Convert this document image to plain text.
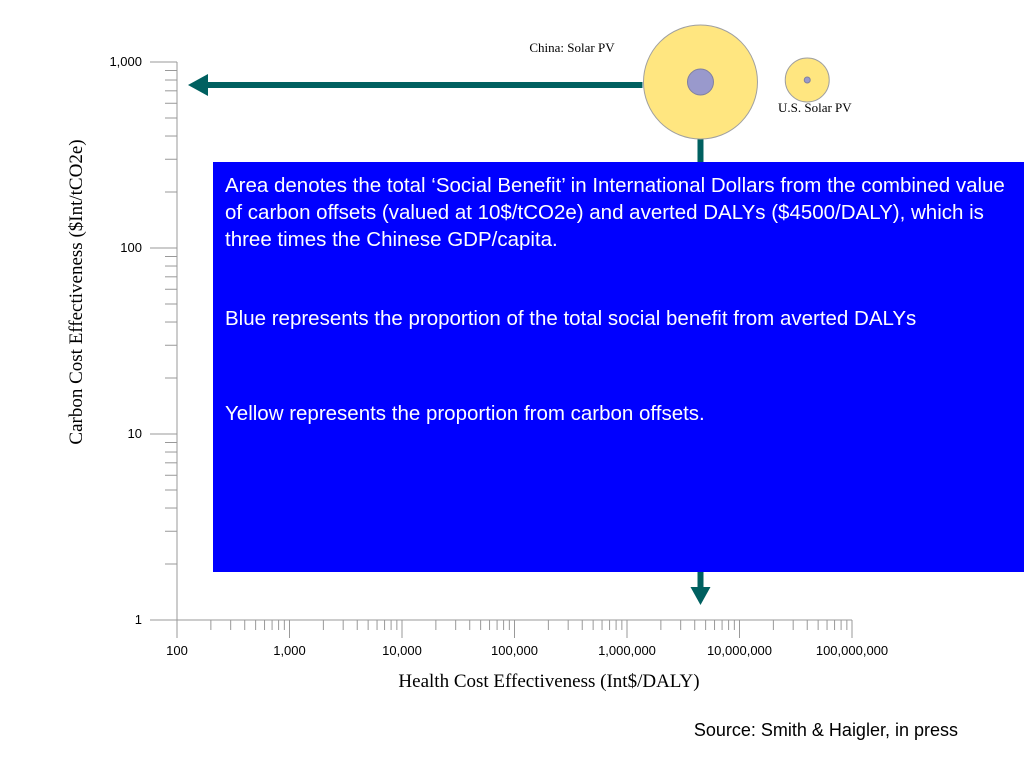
1
10
100
1,000
100	1,000	10,000	100,000	1,000,000	10,000,000	100,000,000
China: Solar PV
U.S. Solar PV
Health Cost Effectiveness (Int$/DALY)
Carbon Cost Effectiveness ($Int/tCO2e)	Area denotes the total ‘Social Benefit’ in International Dollars from the combined value of carbon offsets (valued at 10$/tCO2e) and averted DALYs ($4500/DALY), which is three times the Chinese GDP/capita.

Blue represents the proportion of the total social benefit from averted DALYs

Yellow represents the proportion from carbon offsets.

Source: Smith & Haigler, in press
